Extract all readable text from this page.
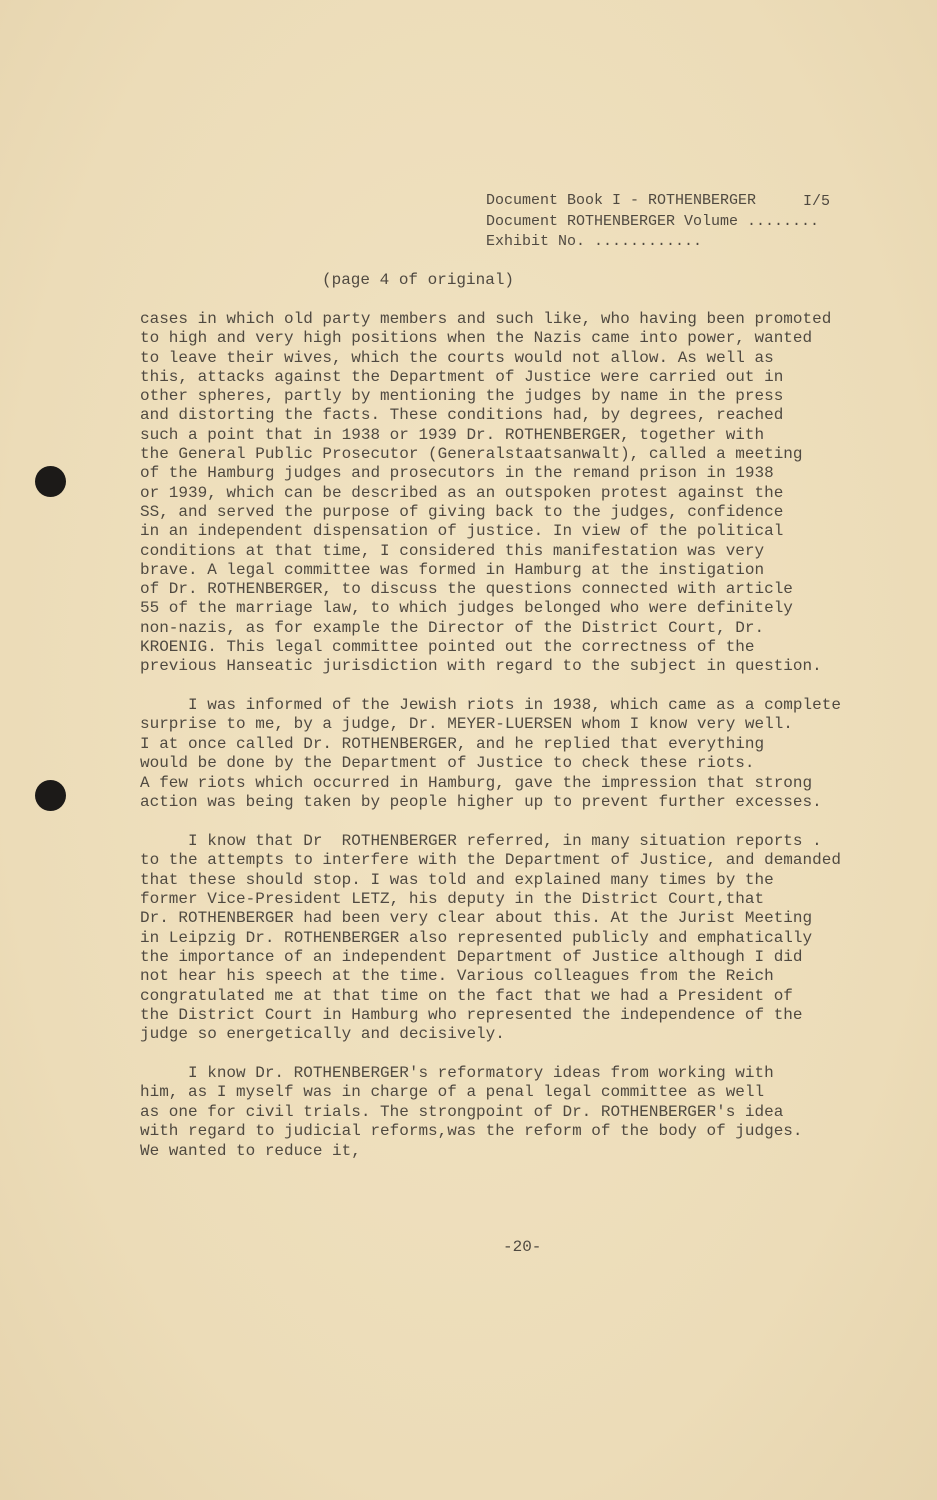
Document Book I - ROTHENBERGER
Document ROTHENBERGER Volume ........
I/5
Exhibit No. ............
(page 4 of original)
cases in which old party members and such like, who having been promoted
to high and very high positions when the Nazis came into power, wanted
to leave their wives, which the courts would not allow. As well as
this, attacks against the Department of Justice were carried out in
other spheres, partly by mentioning the judges by name in the press
and distorting the facts. These conditions had, by degrees, reached
such a point that in 1938 or 1939 Dr. ROTHENBERGER, together with
the General Public Prosecutor (Generalstaatsanwalt), called a meeting
of the Hamburg judges and prosecutors in the remand prison in 1938
or 1939, which can be described as an outspoken protest against the
SS, and served the purpose of giving back to the judges, confidence
in an independent dispensation of justice. In view of the political
conditions at that time, I considered this manifestation was very
brave. A legal committee was formed in Hamburg at the instigation
of Dr. ROTHENBERGER, to discuss the questions connected with article
55 of the marriage law, to which judges belonged who were definitely
non-nazis, as for example the Director of the District Court, Dr.
KROENIG. This legal committee pointed out the correctness of the
previous Hanseatic jurisdiction with regard to the subject in question.
I was informed of the Jewish riots in 1938, which came as a complete
surprise to me, by a judge, Dr. MEYER-LUERSEN whom I know very well.
I at once called Dr. ROTHENBERGER, and he replied that everything
would be done by the Department of Justice to check these riots.
A few riots which occurred in Hamburg, gave the impression that strong
action was being taken by people higher up to prevent further excesses.
I know that Dr  ROTHENBERGER referred, in many situation reports .
to the attempts to interfere with the Department of Justice, and demanded
that these should stop. I was told and explained many times by the
former Vice-President LETZ, his deputy in the District Court,that
Dr. ROTHENBERGER had been very clear about this. At the Jurist Meeting
in Leipzig Dr. ROTHENBERGER also represented publicly and emphatically
the importance of an independent Department of Justice although I did
not hear his speech at the time. Various colleagues from the Reich
congratulated me at that time on the fact that we had a President of
the District Court in Hamburg who represented the independence of the
judge so energetically and decisively.
I know Dr. ROTHENBERGER's reformatory ideas from working with
him, as I myself was in charge of a penal legal committee as well
as one for civil trials. The strongpoint of Dr. ROTHENBERGER's idea
with regard to judicial reforms,was the reform of the body of judges.
We wanted to reduce it,
-20-
